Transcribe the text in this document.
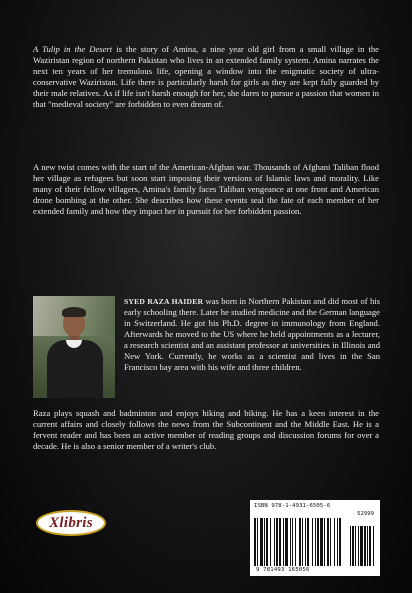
A Tulip in the Desert is the story of Amina, a nine year old girl from a small village in the Waziristan region of northern Pakistan who lives in an extended family system. Amina narrates the next ten years of her tremulous life, opening a window into the enigmatic society of ultra-conservative Waziristan. Life there is particularly harsh for girls as they are kept fully guarded by their male relatives. As if life isn't harsh enough for her, she dares to pursue a passion that women in that "medieval society" are forbidden to even dream of.

A new twist comes with the start of the American-Afghan war. Thousands of Afghani Taliban flood her village as refugees but soon start imposing their versions of Islamic laws and morality. Like many of their fellow villagers, Amina's family faces Taliban vengeance at one front and American drone bombing at the other. She describes how these events seal the fate of each member of her extended family and how they impact her in pursuit for her forbidden passion.

SYED RAZA HAIDER was born in Northern Pakistan and did most of his early schooling there. Later he studied medicine and the German language in Switzerland. He got his Ph.D. degree in immunology from England. Afterwards he moved to the US where he held appointments as a lecturer, a research scientist and an assistant professor at universities in Illinois and New York. Currently, he works as a scientist and lives in the San Francisco bay area with his wife and three children.

Raza plays squash and badminton and enjoys hiking and biking. He has a keen interest in the current affairs and closely follows the news from the Subcontinent and the Middle East. He is a fervent reader and has been an active member of reading groups and discussion forums for over a decade. He is also a senior member of a writer's club.

Xlibris
ISBN 978-1-4931-6505-6
52999
9 781493 165056
